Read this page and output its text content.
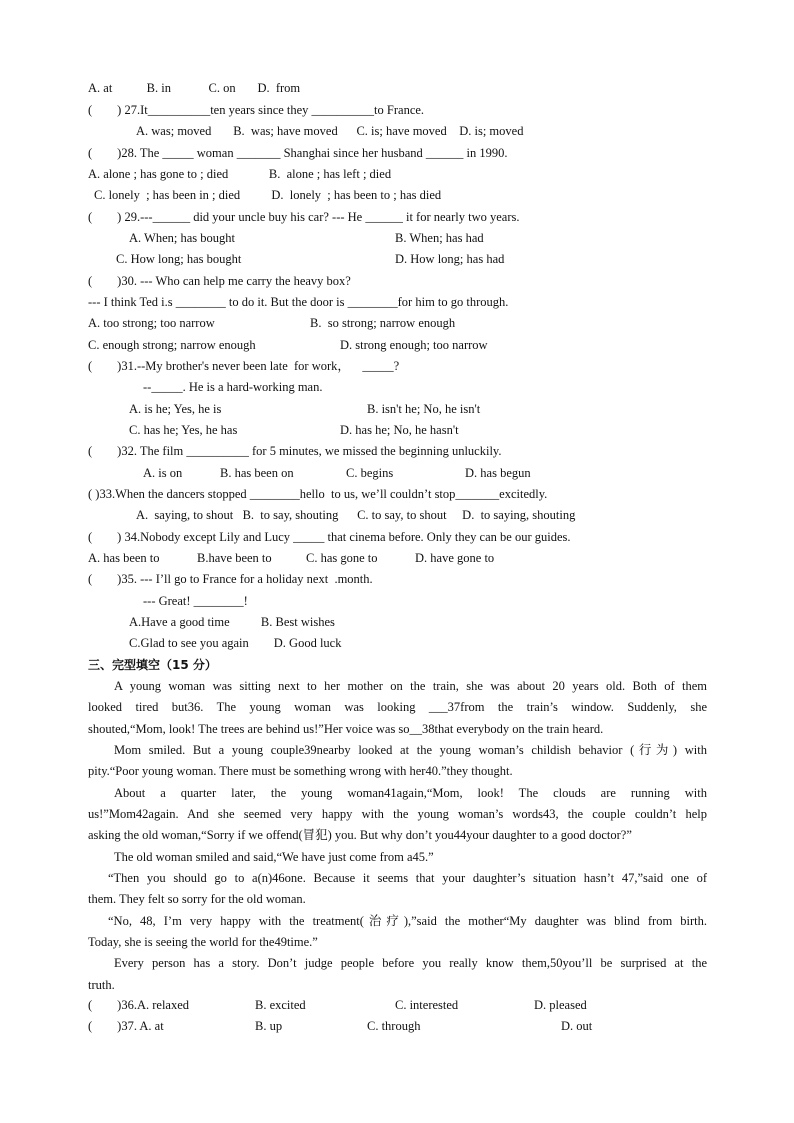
A. at           B. in            C. on       D.  from
(        ) 27.It__________ten years since they __________to France.
A. was; moved       B.  was; have moved      C. is; have moved    D. is; moved
(        )28. The _____ woman _______ Shanghai since her husband ______ in 1990.
A. alone ; has gone to ; died             B.  alone ; has left ; died
C. lonely  ; has been in ; died          D.  lonely  ; has been to ; has died
(        ) 29.---______ did your uncle buy his car? --- He ______ it for nearly two years.
A. When; has bought	B. When; has had
C. How long; has bought	D. How long; has had
(        )30. --- Who can help me carry the heavy box?
--- I think Ted i.s ________ to do it. But the door is ________for him to go through.
A. too strong; too narrow	B.  so strong; narrow enough
C. enough strong; narrow enough	D. strong enough; too narrow
(        )31.--My brother's never been late  for work，    _____?
--_____. He is a hard-working man.
A. is he; Yes, he is	B. isn't he; No, he isn't
C. has he; Yes, he has	D. has he; No, he hasn't
(        )32. The film __________ for 5 minutes, we missed the beginning unluckily.
A. is on	B. has been on	C. begins	D. has begun
( )33.When the dancers stopped ________hello  to us, we’ll couldn’t stop_______excitedly.
A.  saying, to shout   B.  to say, shouting      C. to say, to shout     D.  to saying, shouting
(        ) 34.Nobody except Lily and Lucy _____ that cinema before. Only they can be our guides.
A. has been to            B.have been to           C. has gone to            D. have gone to
(        )35. --- I’ll go to France for a holiday next  .month.
--- Great! ________!
A.Have a good time          B. Best wishes
C.Glad to see you again        D. Good luck
三、完型填空（15 分）
A young woman was sitting next to her mother on the train, she was about 20 years old. Both of them
looked tired but36. The young woman was looking ___37from the train’s window. Suddenly, she
shouted,“Mom, look! The trees are behind us!”Her voice was so__38that everybody on the train heard.
Mom smiled. But a young couple39nearby looked at the young woman’s childish behavior (行为) with
pity.“Poor young woman. There must be something wrong with her40.”they thought.
About a quarter later, the young woman41again,“Mom, look! The clouds are running with
us!”Mom42again. And she seemed very happy with the young woman’s words43, the couple couldn’t help
asking the old woman,“Sorry if we offend(冒犯) you. But why don’t you44your daughter to a good doctor?”
The old woman smiled and said,“We have just come from a45.”
“Then you should go to a(n)46one. Because it seems that your daughter’s situation hasn’t 47,”said one of
them. They felt so sorry for the old woman.
“No, 48, I’m very happy with the treatment(治疗),”said the mother“My daughter was blind from birth.
Today, she is seeing the world for the49time.”
Every person has a story. Don’t judge people before you really know them,50you’ll be surprised at the
truth.
(        )36.A. relaxed	B. excited	C. interested	D. pleased
(        )37. A. at	B. up	C. through	D. out
